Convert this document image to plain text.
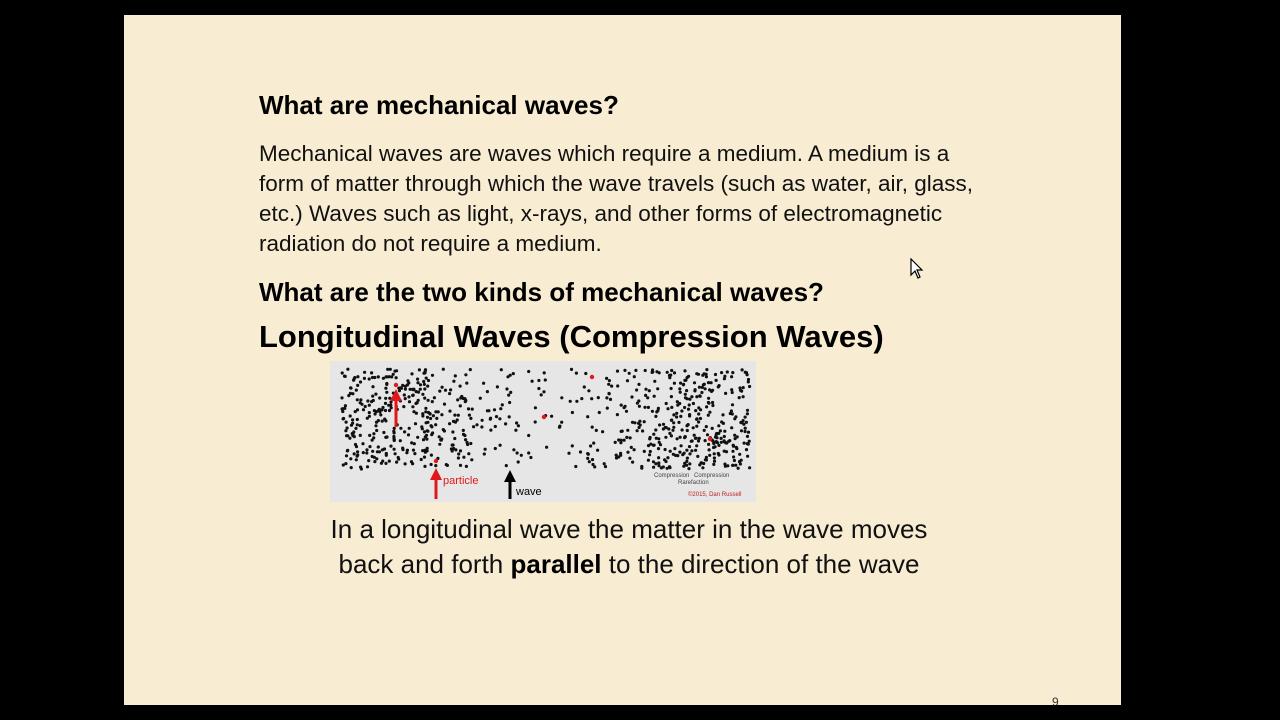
What are mechanical waves?

Mechanical waves are waves which require a medium. A medium is a form of matter through which the wave travels (such as water, air, glass, etc.) Waves such as light, x-rays, and other forms of electromagnetic radiation do not require a medium.

What are the two kinds of mechanical waves?
Longitudinal Waves (Compression Waves)
particle
wave
Compression Compression
Rarefaction
©2015, Dan Russell

In a longitudinal wave the matter in the wave moves
back and forth parallel to the direction of the wave

9
